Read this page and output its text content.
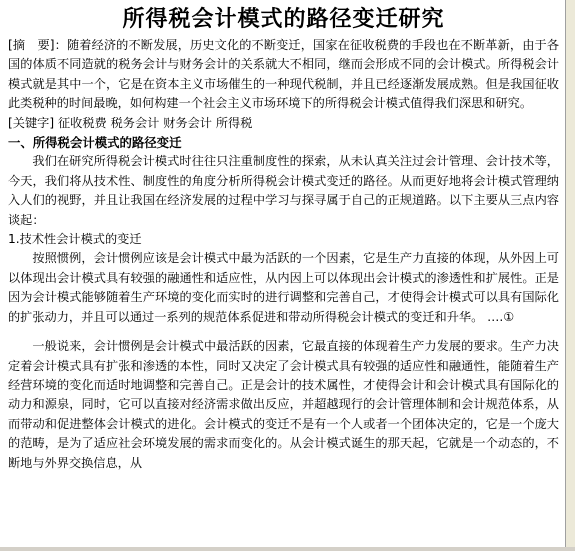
所得税会计模式的路径变迁研究

[摘　要]：随着经济的不断发展，历史文化的不断变迁，国家在征收税费的手段也在不断革新，由于各国的体质不同造就的税务会计与财务会计的关系就大不相同，继而会形成不同的会计模式。所得税会计模式就是其中一个，它是在资本主义市场催生的一种现代税制，并且已经逐渐发展成熟。但是我国征收此类税种的时间最晚，如何构建一个社会主义市场环境下的所得税会计模式值得我们深思和研究。

[关键字] 征收税费 税务会计 财务会计 所得税

一、所得税会计模式的路径变迁

我们在研究所得税会计模式时往往只注重制度性的探索，从未认真关注过会计管理、会计技术等，今天，我们将从技术性、制度性的角度分析所得税会计模式变迁的路径。从而更好地将会计模式管理纳入人们的视野，并且让我国在经济发展的过程中学习与探寻属于自己的正规道路。以下主要从三点内容谈起：

1.技术性会计模式的变迁

按照惯例，会计惯例应该是会计模式中最为活跃的一个因素，它是生产力直接的体现，从外因上可以体现出会计模式具有较强的融通性和适应性，从内因上可以体现出会计模式的渗透性和扩展性。正是因为会计模式能够随着生产环境的变化而实时的进行调整和完善自己，才使得会计模式可以具有国际化的扩张动力，并且可以通过一系列的规范体系促进和带动所得税会计模式的变迁和升华。 ….①

一般说来，会计惯例是会计模式中最活跃的因素，它最直接的体现着生产力发展的要求。生产力决定着会计模式具有扩张和渗透的本性，同时又决定了会计模式具有较强的适应性和融通性，能随着生产经营环境的变化而适时地调整和完善自己。正是会计的技术属性，才使得会计和会计模式具有国际化的动力和源泉，同时，它可以直接对经济需求做出反应，并超越现行的会计管理体制和会计规范体系，从而带动和促进整体会计模式的进化。会计模式的变迁不是有一个人或者一个团体决定的，它是一个庞大的范畴，是为了适应社会环境发展的需求而变化的。从会计模式诞生的那天起，它就是一个动态的，不断地与外界交换信息，从
